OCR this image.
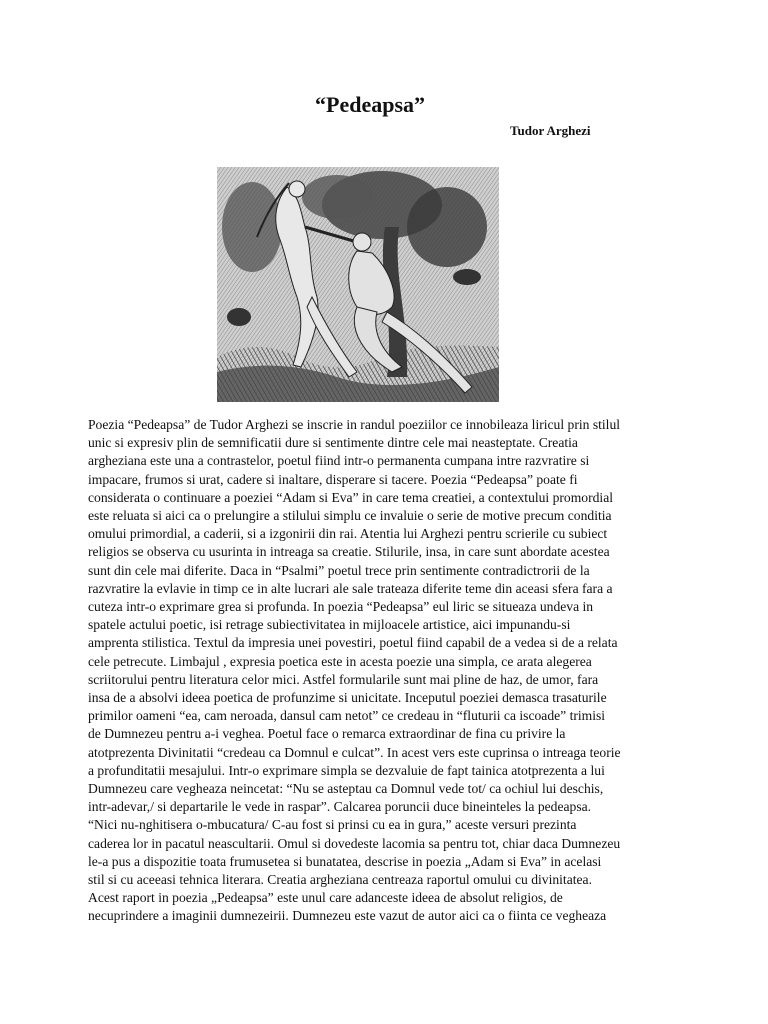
“Pedeapsa”
Tudor Arghezi
Poezia “Pedeapsa” de Tudor Arghezi se inscrie in randul poeziilor ce innobileaza liricul prin stilul
unic si expresiv plin de semnificatii dure si sentimente dintre cele mai neasteptate. Creatia
argheziana este una a contrastelor, poetul fiind intr-o permanenta cumpana intre razvratire si
impacare, frumos si urat, cadere si inaltare, disperare si tacere. Poezia “Pedeapsa” poate fi
considerata o continuare a poeziei “Adam si Eva” in care tema creatiei, a contextului promordial
este reluata si aici ca o prelungire a stilului simplu ce invaluie o serie de motive precum conditia
omului primordial, a caderii, si a izgonirii din rai. Atentia lui Arghezi pentru scrierile cu subiect
religios se observa cu usurinta in intreaga sa creatie. Stilurile, insa, in care sunt abordate acestea
sunt din cele mai diferite. Daca in “Psalmi” poetul trece prin sentimente contradictrorii de la
razvratire la evlavie in timp ce in alte lucrari ale sale trateaza diferite teme din aceasi sfera fara a
cuteza intr-o exprimare grea si profunda. In poezia “Pedeapsa” eul liric se situeaza undeva in
spatele actului poetic, isi retrage subiectivitatea in mijloacele artistice, aici impunandu-si
amprenta stilistica. Textul da impresia unei povestiri, poetul fiind capabil de a vedea si de a relata
cele petrecute. Limbajul , expresia poetica este in acesta poezie una simpla, ce arata alegerea
scriitorului pentru literatura celor mici. Astfel formularile sunt mai pline de haz, de umor, fara
insa de a absolvi ideea poetica de profunzime si unicitate. Inceputul poeziei demasca trasaturile
primilor oameni “ea, cam neroada, dansul cam netot” ce credeau in “fluturii ca iscoade” trimisi
de Dumnezeu pentru a-i veghea. Poetul face o remarca extraordinar de fina cu privire la
atotprezenta Divinitatii “credeau ca Domnul e culcat”. In acest vers este cuprinsa o intreaga teorie
a profunditatii mesajului. Intr-o exprimare simpla se dezvaluie de fapt tainica atotprezenta a lui
Dumnezeu care vegheaza neincetat: “Nu se asteptau ca Domnul vede tot/ ca ochiul lui deschis,
intr-adevar,/ si departarile le vede in raspar”. Calcarea poruncii duce bineinteles la pedeapsa.
“Nici nu-nghitisera o-mbucatura/ C-au fost si prinsi cu ea in gura,” aceste versuri prezinta
caderea lor in pacatul neascultarii. Omul si dovedeste lacomia sa pentru tot, chiar daca Dumnezeu
le-a pus a dispozitie toata frumusetea si bunatatea, descrise in poezia „Adam si Eva” in acelasi
stil si cu aceeasi tehnica literara. Creatia argheziana centreaza raportul omului cu divinitatea.
Acest raport in poezia „Pedeapsa” este unul care adanceste ideea de absolut religios, de
necuprindere a imaginii dumnezeirii. Dumnezeu este vazut de autor aici ca o fiinta ce vegheaza
